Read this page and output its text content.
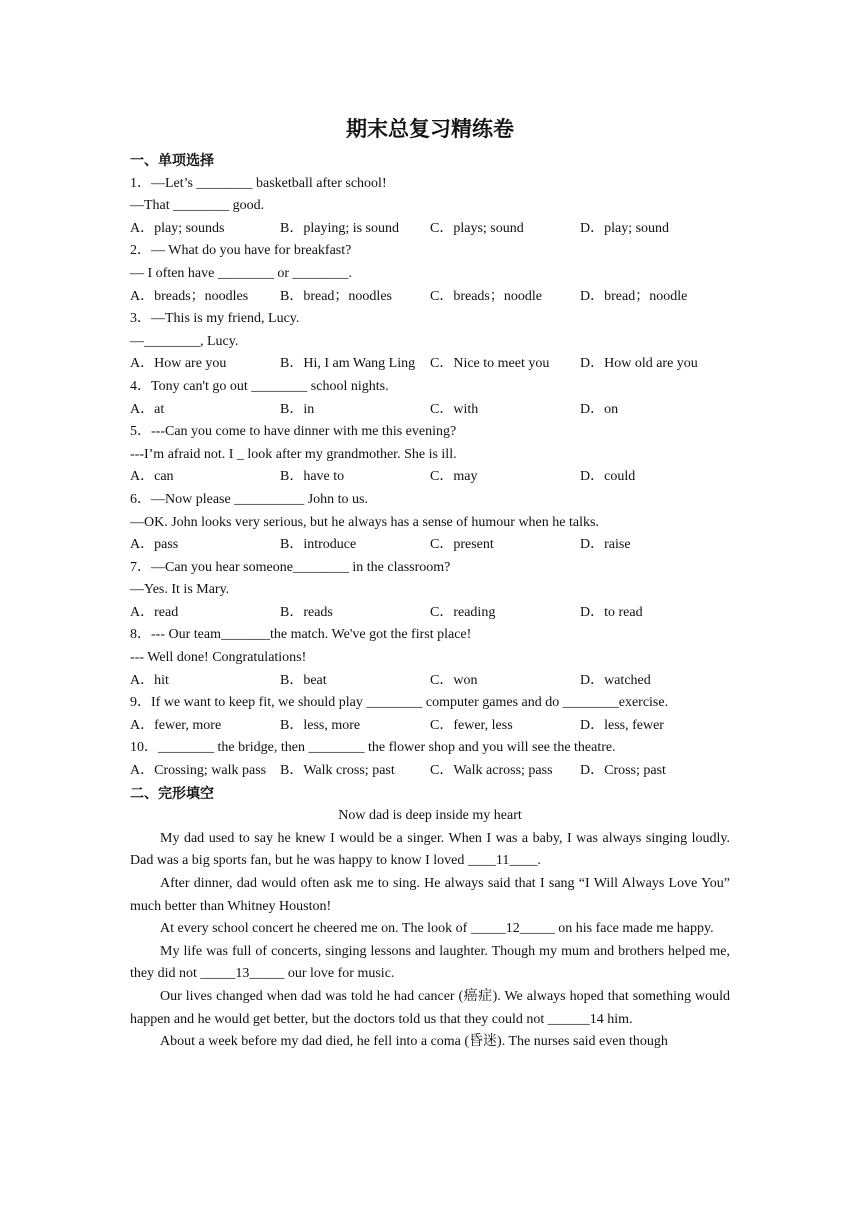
期末总复习精练卷
一、单项选择
1．—Let’s ________ basketball after school!
—That ________ good.
A．play; sounds	B．playing; is sound	C．plays; sound	D．play; sound
2．— What do you have for breakfast?
— I often have ________ or ________.
A．breads；noodles	B．bread；noodles	C．breads；noodle	D．bread；noodle
3．—This is my friend, Lucy.
—________, Lucy.
A．How are you	B．Hi, I am Wang Ling	C．Nice to meet you	D．How old are you
4．Tony can't go out ________ school nights.
A．at	B．in	C．with	D．on
5．---Can you come to have dinner with me this evening?
---I’m afraid not. I _ look after my grandmother. She is ill.
A．can	B．have to	C．may	D．could
6．—Now please __________ John to us.
—OK. John looks very serious, but he always has a sense of humour when he talks.
A．pass	B．introduce	C．present	D．raise
7．—Can you hear someone________ in the classroom?
—Yes. It is Mary.
A．read	B．reads	C．reading	D．to read
8．--- Our team_______the match. We've got the first place!
--- Well done! Congratulations!
A．hit	B．beat	C．won	D．watched
9．If we want to keep fit, we should play ________ computer games and do ________exercise.
A．fewer, more	B．less, more	C．fewer, less	D．less, fewer
10．________ the bridge, then ________ the flower shop and you will see the theatre.
A．Crossing; walk pass B．Walk cross; past	C．Walk across; pass	D．Cross; past
二、完形填空
Now dad is deep inside my heart

My dad used to say he knew I would be a singer. When I was a baby, I was always singing loudly. Dad was a big sports fan, but he was happy to know I loved ____11____.

After dinner, dad would often ask me to sing. He always said that I sang “I Will Always Love You” much better than Whitney Houston!

At every school concert he cheered me on. The look of _____12_____ on his face made me happy.

My life was full of concerts, singing lessons and laughter. Though my mum and brothers helped me, they did not _____13_____ our love for music.

Our lives changed when dad was told he had cancer (癌症). We always hoped that something would happen and he would get better, but the doctors told us that they could not ______14 him.

About a week before my dad died, he fell into a coma (昏迷). The nurses said even though
